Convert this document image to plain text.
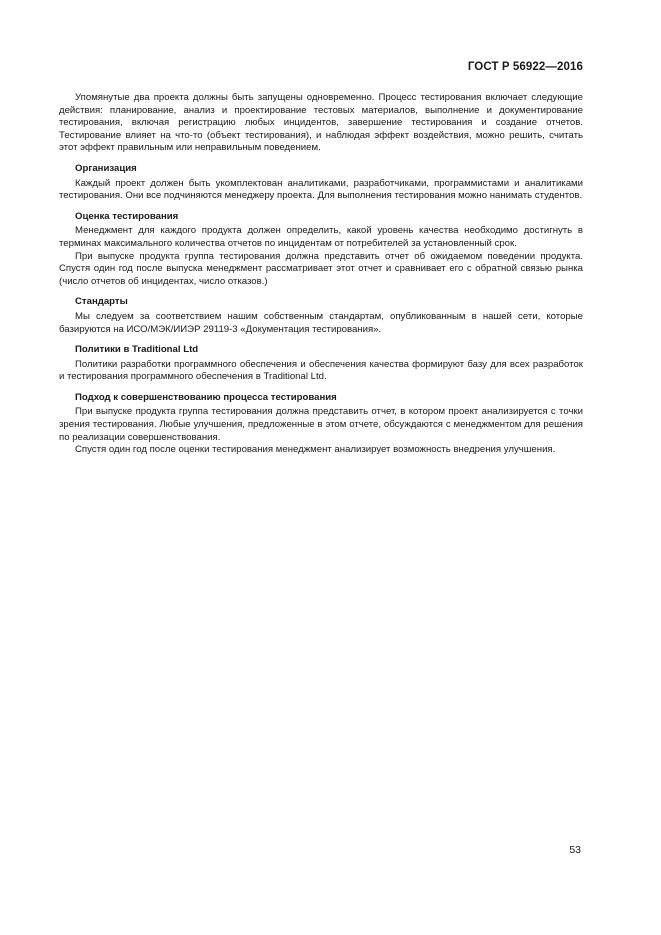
ГОСТ Р 56922—2016

Упомянутые два проекта должны быть запущены одновременно. Процесс тестирования включает следующие действия: планирование, анализ и проектирование тестовых материалов, выполнение и документирование тестирования, включая регистрацию любых инцидентов, завершение тестирования и создание отчетов. Тестирование влияет на что-то (объект тестирования), и наблюдая эффект воздействия, можно решить, считать этот эффект правильным или неправильным поведением.

Организация

Каждый проект должен быть укомплектован аналитиками, разработчиками, программистами и аналитиками тестирования. Они все подчиняются менеджеру проекта. Для выполнения тестирования можно нанимать студентов.

Оценка тестирования

Менеджмент для каждого продукта должен определить, какой уровень качества необходимо достигнуть в терминах максимального количества отчетов по инцидентам от потребителей за установленный срок.

При выпуске продукта группа тестирования должна представить отчет об ожидаемом поведении продукта. Спустя один год после выпуска менеджмент рассматривает этот отчет и сравнивает его с обратной связью рынка (число отчетов об инцидентах, число отказов.)

Стандарты

Мы следуем за соответствием нашим собственным стандартам, опубликованным в нашей сети, которые базируются на ИСО/МЭК/ИИЭР 29119-3 «Документация тестирования».

Политики в Traditional Ltd

Политики разработки программного обеспечения и обеспечения качества формируют базу для всех разработок и тестирования программного обеспечения в Traditional Ltd.

Подход к совершенствованию процесса тестирования

При выпуске продукта группа тестирования должна представить отчет, в котором проект анализируется с точки зрения тестирования. Любые улучшения, предложенные в этом отчете, обсуждаются с менеджментом для решения по реализации совершенствования.

Спустя один год после оценки тестирования менеджмент анализирует возможность внедрения улучшения.

53
